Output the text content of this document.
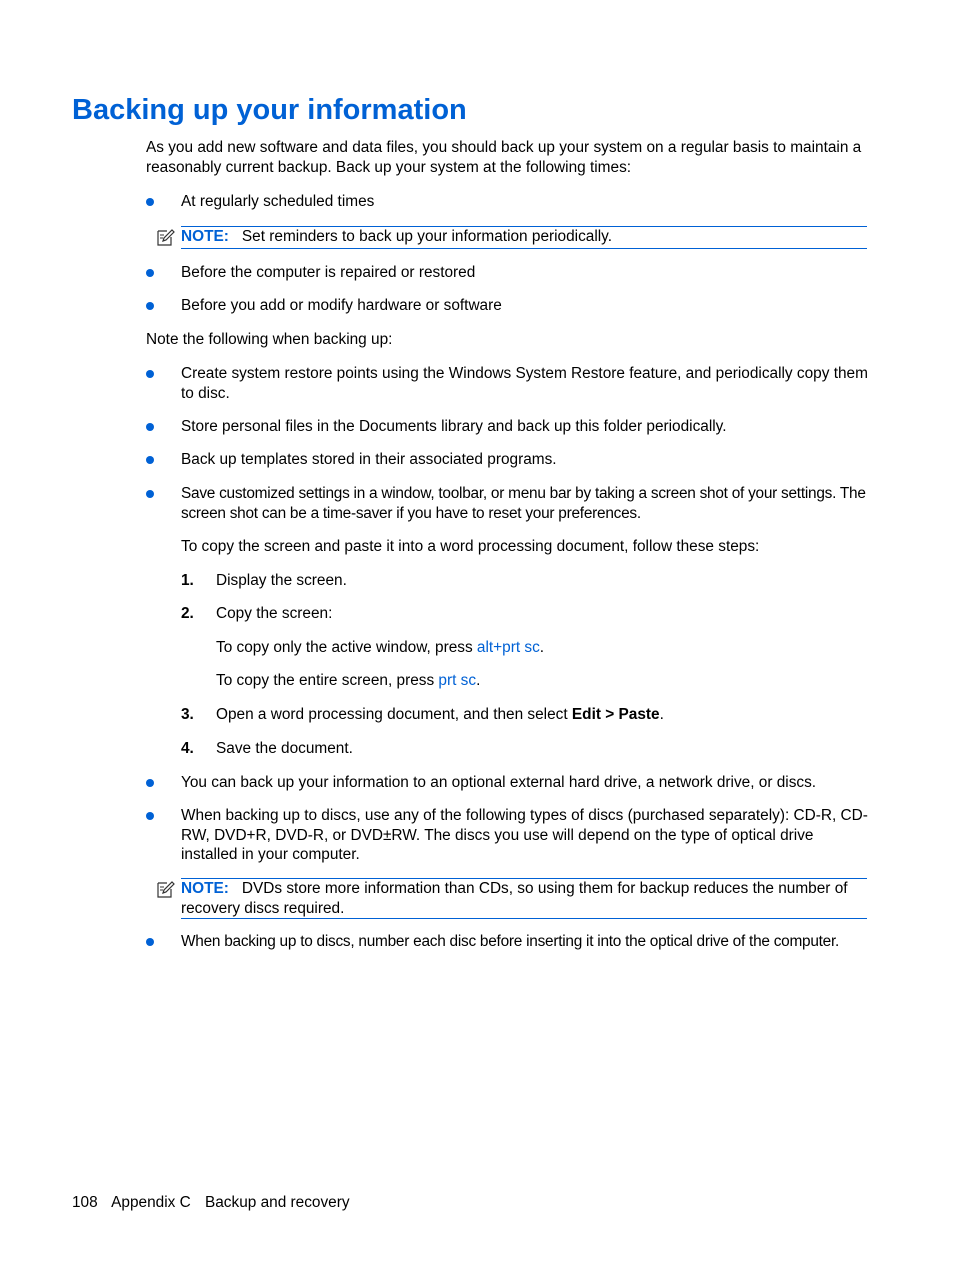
Backing up your information

As you add new software and data files, you should back up your system on a regular basis to maintain a reasonably current backup. Back up your system at the following times:

At regularly scheduled times

NOTE: Set reminders to back up your information periodically.

Before the computer is repaired or restored

Before you add or modify hardware or software

Note the following when backing up:

Create system restore points using the Windows System Restore feature, and periodically copy them to disc.

Store personal files in the Documents library and back up this folder periodically.

Back up templates stored in their associated programs.

Save customized settings in a window, toolbar, or menu bar by taking a screen shot of your settings. The screen shot can be a time-saver if you have to reset your preferences.

To copy the screen and paste it into a word processing document, follow these steps:

1. Display the screen.

2. Copy the screen:

To copy only the active window, press alt+prt sc.

To copy the entire screen, press prt sc.

3. Open a word processing document, and then select Edit > Paste.

4. Save the document.

You can back up your information to an optional external hard drive, a network drive, or discs.

When backing up to discs, use any of the following types of discs (purchased separately): CD-R, CD-RW, DVD+R, DVD-R, or DVD±RW. The discs you use will depend on the type of optical drive installed in your computer.

NOTE: DVDs store more information than CDs, so using them for backup reduces the number of recovery discs required.

When backing up to discs, number each disc before inserting it into the optical drive of the computer.

108 Appendix C Backup and recovery
